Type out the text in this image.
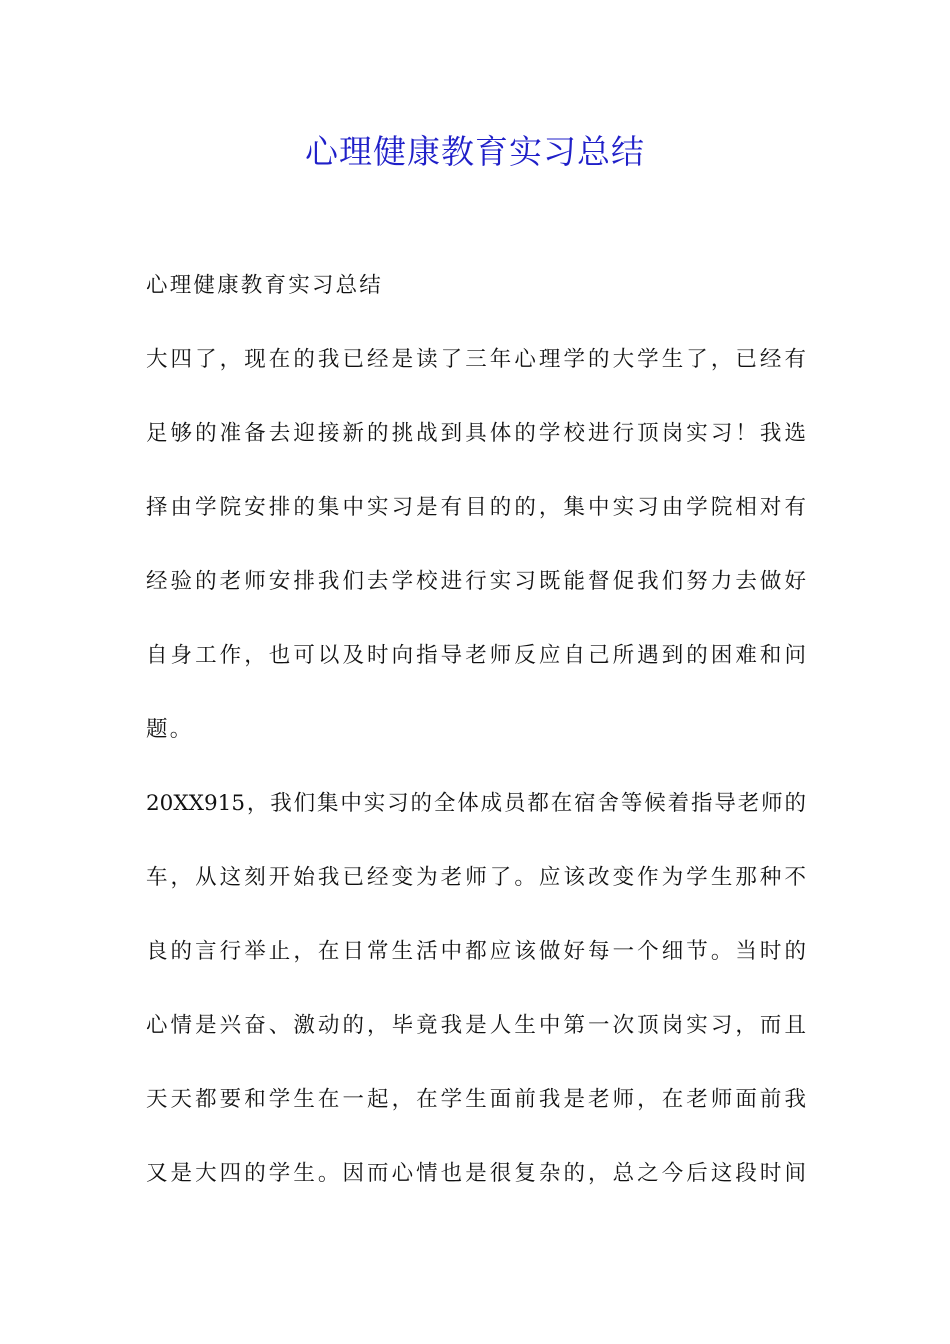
心理健康教育实习总结
心理健康教育实习总结
大四了，现在的我已经是读了三年心理学的大学生了，已经有
足够的准备去迎接新的挑战到具体的学校进行顶岗实习！我选
择由学院安排的集中实习是有目的的，集中实习由学院相对有
经验的老师安排我们去学校进行实习既能督促我们努力去做好
自身工作，也可以及时向指导老师反应自己所遇到的困难和问
题。
20XX915，我们集中实习的全体成员都在宿舍等候着指导老师的
车，从这刻开始我已经变为老师了。应该改变作为学生那种不
良的言行举止，在日常生活中都应该做好每一个细节。当时的
心情是兴奋、激动的，毕竟我是人生中第一次顶岗实习，而且
天天都要和学生在一起，在学生面前我是老师，在老师面前我
又是大四的学生。因而心情也是很复杂的，总之今后这段时间
